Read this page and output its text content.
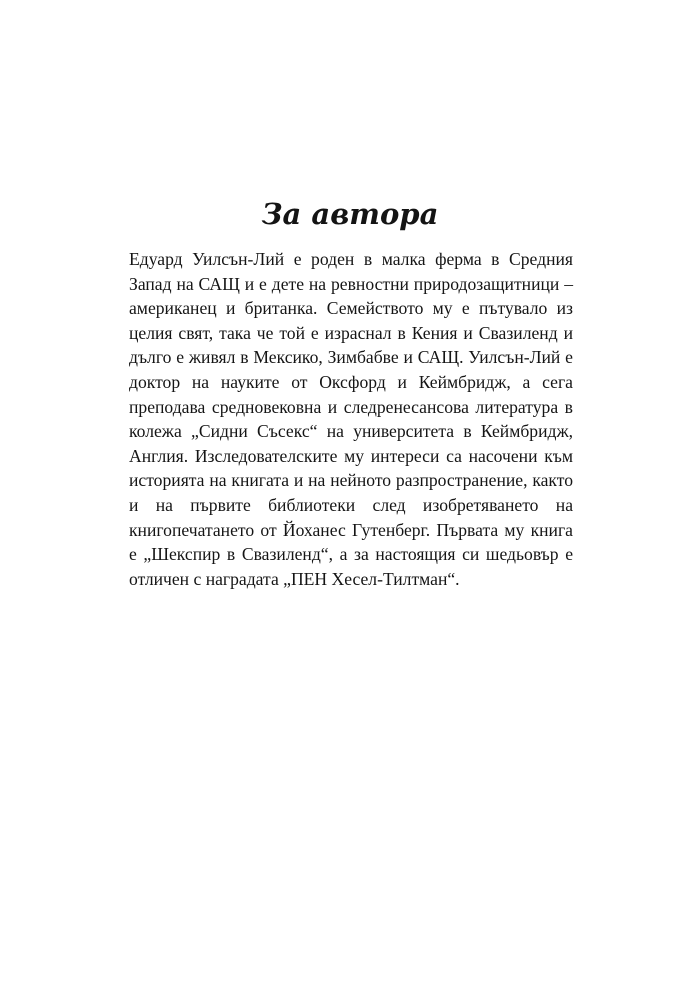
За автора

Едуард Уилсън-Лий е роден в малка ферма в Средния Запад на САЩ и е дете на ревностни природозащитници – американец и британка. Семейството му е пътувало из целия свят, така че той е израснал в Кения и Свазиленд и дълго е живял в Мексико, Зимбабве и САЩ. Уилсън-Лий е доктор на науките от Оксфорд и Кеймбридж, а сега преподава средновековна и следренесансова литература в колежа „Сидни Съсекс“ на университета в Кеймбридж, Англия. Изследователските му интереси са насочени към историята на книгата и на нейното разпространение, както и на първите библиотеки след изобретяването на книгопечатането от Йоханес Гутенберг. Първата му книга е „Шекспир в Свазиленд“, а за настоящия си шедьовър е отличен с наградата „ПЕН Хесел-Тилтман“.
